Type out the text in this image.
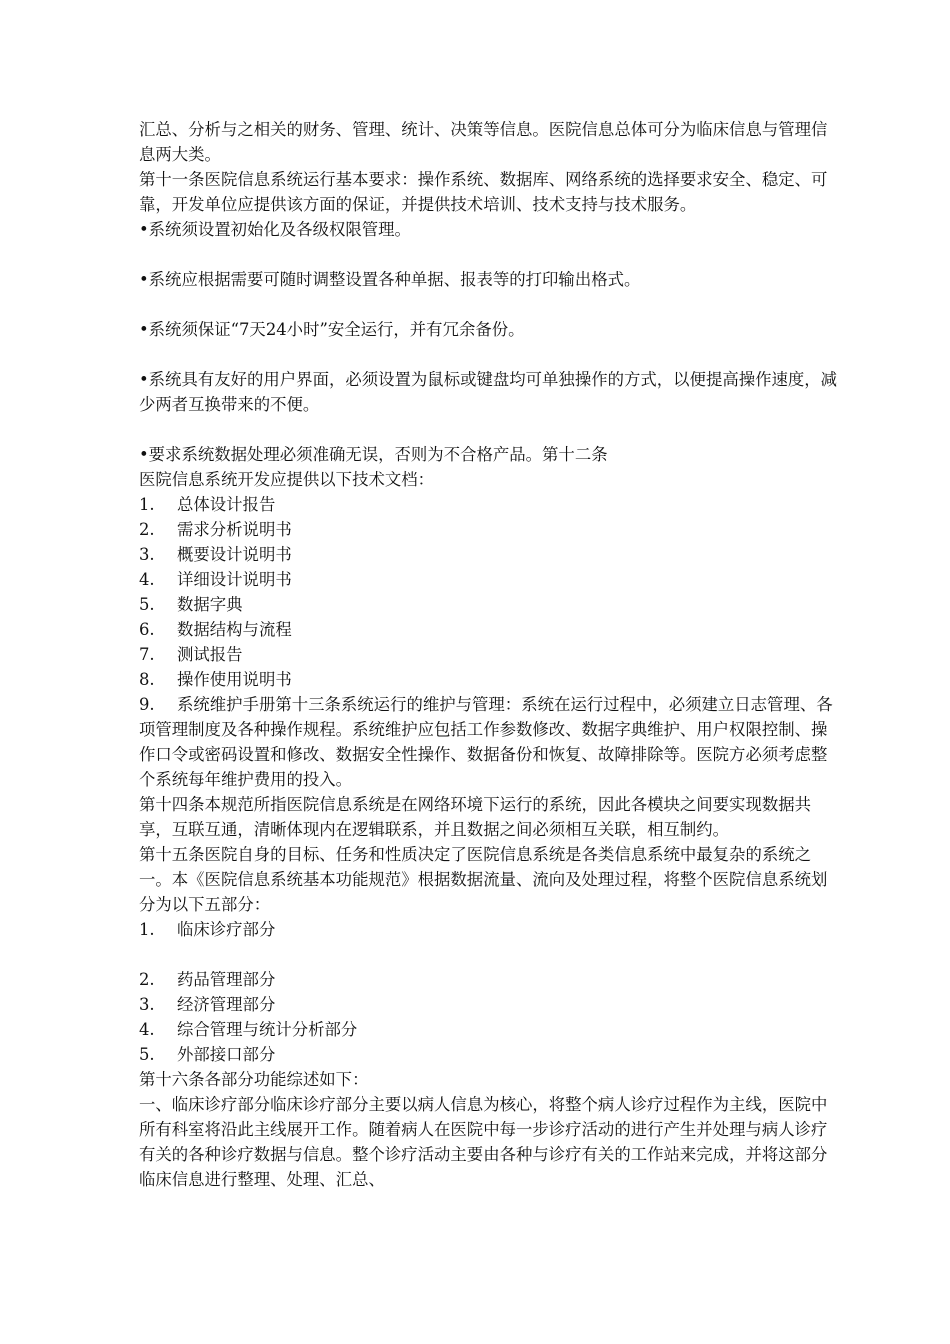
汇总、分析与之相关的财务、管理、统计、决策等信息。医院信息总体可分为临床信息与管理信息两大类。

第十一条医院信息系统运行基本要求：操作系统、数据库、网络系统的选择要求安全、稳定、可靠，开发单位应提供该方面的保证，并提供技术培训、技术支持与技术服务。

•系统须设置初始化及各级权限管理。

•系统应根据需要可随时调整设置各种单据、报表等的打印输出格式。

•系统须保证“7天24小时”安全运行，并有冗余备份。

•系统具有友好的用户界面，必须设置为鼠标或键盘均可单独操作的方式，以便提高操作速度，减少两者互换带来的不便。

•要求系统数据处理必须准确无误，否则为不合格产品。第十二条

医院信息系统开发应提供以下技术文档：

1.	总体设计报告
2.	需求分析说明书
3.	概要设计说明书
4.	详细设计说明书
5.	数据字典
6.	数据结构与流程
7.	测试报告
8.	操作使用说明书

9. 系统维护手册第十三条系统运行的维护与管理：系统在运行过程中，必须建立日志管理、各项管理制度及各种操作规程。系统维护应包括工作参数修改、数据字典维护、用户权限控制、操作口令或密码设置和修改、数据安全性操作、数据备份和恢复、故障排除等。医院方必须考虑整个系统每年维护费用的投入。

第十四条本规范所指医院信息系统是在网络环境下运行的系统，因此各模块之间要实现数据共享，互联互通，清晰体现内在逻辑联系，并且数据之间必须相互关联，相互制约。

第十五条医院自身的目标、任务和性质决定了医院信息系统是各类信息系统中最复杂的系统之一。本《医院信息系统基本功能规范》根据数据流量、流向及处理过程，将整个医院信息系统划分为以下五部分：

1.	临床诊疗部分
2.	药品管理部分
3.	经济管理部分
4.	综合管理与统计分析部分
5.	外部接口部分

第十六条各部分功能综述如下：

一、临床诊疗部分临床诊疗部分主要以病人信息为核心，将整个病人诊疗过程作为主线，医院中所有科室将沿此主线展开工作。随着病人在医院中每一步诊疗活动的进行产生并处理与病人诊疗有关的各种诊疗数据与信息。整个诊疗活动主要由各种与诊疗有关的工作站来完成，并将这部分临床信息进行整理、处理、汇总、
